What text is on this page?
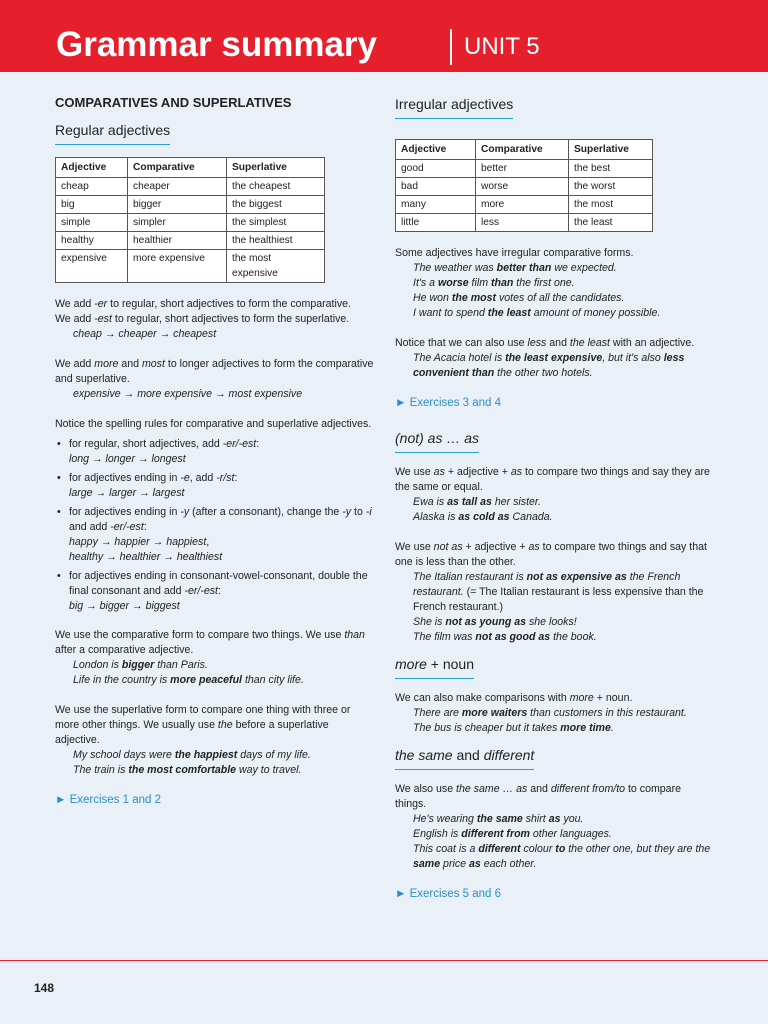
Grammar summary	UNIT 5
COMPARATIVES AND SUPERLATIVES
Regular adjectives
Adjective	Comparative	Superlative
cheap	cheaper	the cheapest
big	bigger	the biggest
simple	simpler	the simplest
healthy	healthier	the healthiest
expensive	more expensive	the most expensive

We add -er to regular, short adjectives to form the comparative.
We add -est to regular, short adjectives to form the superlative.
cheap → cheaper → cheapest

We add more and most to longer adjectives to form the comparative and superlative.
expensive → more expensive → most expensive

Notice the spelling rules for comparative and superlative adjectives.

• for regular, short adjectives, add -er/-est:
long → longer → longest
• for adjectives ending in -e, add -r/st:
large → larger → largest
• for adjectives ending in -y (after a consonant), change the -y to -i and add -er/-est:
happy → happier → happiest,
healthy → healthier → healthiest
• for adjectives ending in consonant-vowel-consonant, double the final consonant and add -er/-est:
big → bigger → biggest

We use the comparative form to compare two things. We use than after a comparative adjective.
London is bigger than Paris.
Life in the country is more peaceful than city life.

We use the superlative form to compare one thing with three or more other things. We usually use the before a superlative adjective.
My school days were the happiest days of my life.
The train is the most comfortable way to travel.

► Exercises 1 and 2
Irregular adjectives
Adjective	Comparative	Superlative
good	better	the best
bad	worse	the worst
many	more	the most
little	less	the least

Some adjectives have irregular comparative forms.
The weather was better than we expected.
It's a worse film than the first one.
He won the most votes of all the candidates.
I want to spend the least amount of money possible.

Notice that we can also use less and the least with an adjective.
The Acacia hotel is the least expensive, but it's also less convenient than the other two hotels.

► Exercises 3 and 4
(not) as … as

We use as + adjective + as to compare two things and say they are the same or equal.
Ewa is as tall as her sister.
Alaska is as cold as Canada.

We use not as + adjective + as to compare two things and say that one is less than the other.
The Italian restaurant is not as expensive as the French restaurant. (= The Italian restaurant is less expensive than the French restaurant.)
She is not as young as she looks!
The film was not as good as the book.

more + noun

We can also make comparisons with more + noun.
There are more waiters than customers in this restaurant.
The bus is cheaper but it takes more time.

the same and different

We also use the same … as and different from/to to compare things.
He's wearing the same shirt as you.
English is different from other languages.
This coat is a different colour to the other one, but they are the same price as each other.

► Exercises 5 and 6
148
